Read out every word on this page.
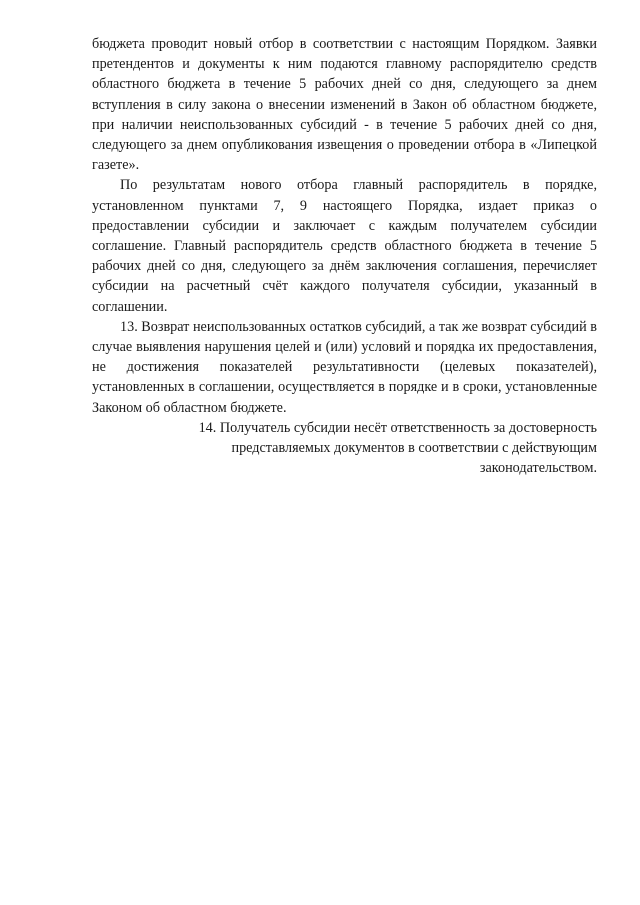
бюджета проводит новый отбор в соответствии с настоящим Порядком. Заявки претендентов и документы к ним подаются главному распорядителю средств областного бюджета в течение 5 рабочих дней со дня, следующего за днем вступления в силу закона о внесении изменений в Закон об областном бюджете, при наличии неиспользованных субсидий - в течение 5 рабочих дней со дня, следующего за днем опубликования извещения о проведении отбора в «Липецкой газете».

По результатам нового отбора главный распорядитель в порядке, установленном пунктами 7, 9 настоящего Порядка, издает приказ о предоставлении субсидии и заключает с каждым получателем субсидии соглашение. Главный распорядитель средств областного бюджета в течение 5 рабочих дней со дня, следующего за днём заключения соглашения, перечисляет субсидии на расчетный счёт каждого получателя субсидии, указанный в соглашении.

13. Возврат неиспользованных остатков субсидий, а так же возврат субсидий в случае выявления нарушения целей и (или) условий и порядка их предоставления, не достижения показателей результативности (целевых показателей), установленных в соглашении, осуществляется в порядке и в сроки, установленные Законом об областном бюджете.

14. Получатель субсидии несёт ответственность за достоверность
представляемых документов в соответствии с действующим
законодательством.
